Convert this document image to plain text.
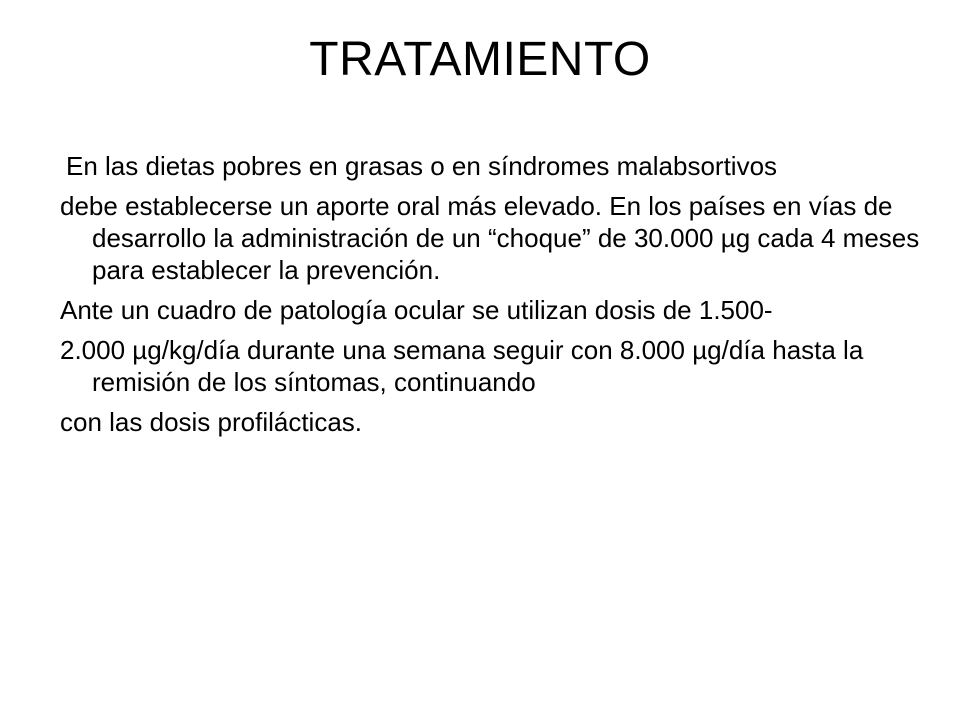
TRATAMIENTO

En las dietas pobres en grasas o en síndromes malabsortivos

debe establecerse un aporte oral más elevado. En los países en vías de desarrollo la administración de un “choque” de 30.000 µg cada 4 meses para establecer la prevención.

Ante un cuadro de patología ocular se utilizan dosis de 1.500-

2.000 µg/kg/día durante una semana seguir con 8.000 µg/día hasta la remisión de los síntomas, continuando

con las dosis profilácticas.
